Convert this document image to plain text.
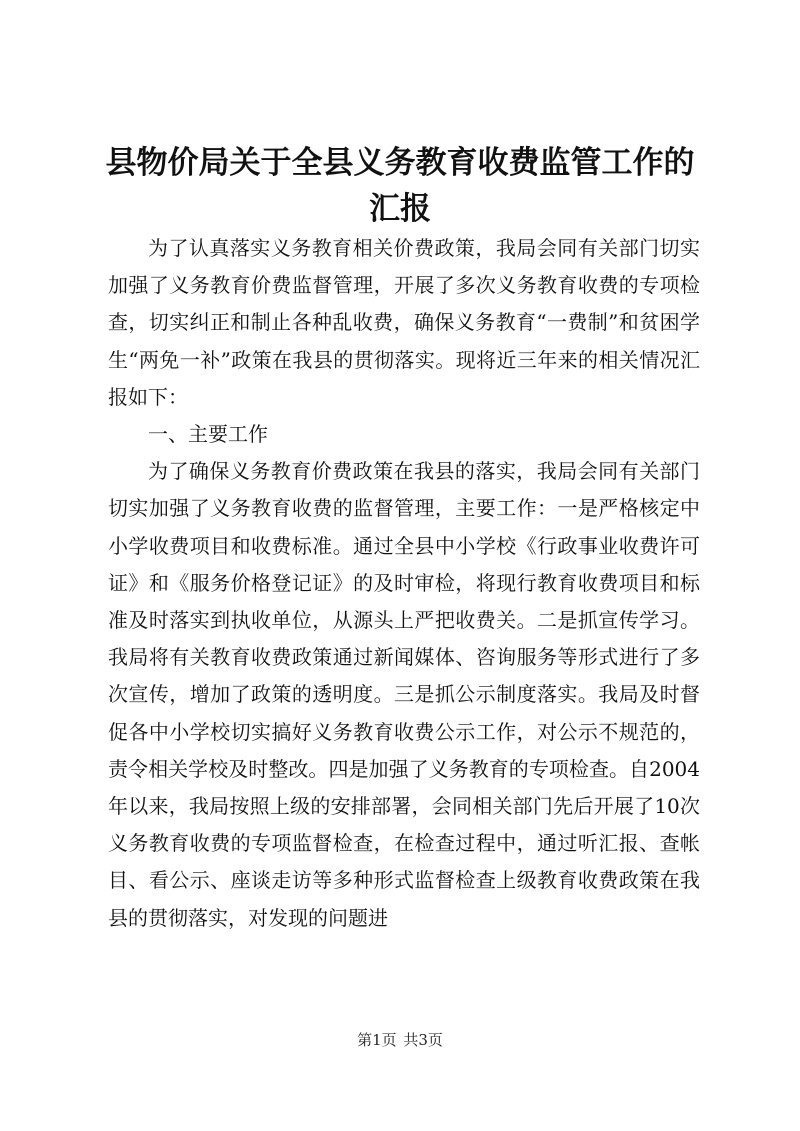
县物价局关于全县义务教育收费监管工作的汇报

为了认真落实义务教育相关价费政策，我局会同有关部门切实加强了义务教育价费监督管理，开展了多次义务教育收费的专项检查，切实纠正和制止各种乱收费，确保义务教育“一费制”和贫困学生“两免一补”政策在我县的贯彻落实。现将近三年来的相关情况汇报如下：

一、主要工作

为了确保义务教育价费政策在我县的落实，我局会同有关部门切实加强了义务教育收费的监督管理，主要工作：一是严格核定中小学收费项目和收费标准。通过全县中小学校《行政事业收费许可证》和《服务价格登记证》的及时审检，将现行教育收费项目和标准及时落实到执收单位，从源头上严把收费关。二是抓宣传学习。我局将有关教育收费政策通过新闻媒体、咨询服务等形式进行了多次宣传，增加了政策的透明度。三是抓公示制度落实。我局及时督促各中小学校切实搞好义务教育收费公示工作，对公示不规范的，责令相关学校及时整改。四是加强了义务教育的专项检查。自2004年以来，我局按照上级的安排部署，会同相关部门先后开展了10次义务教育收费的专项监督检查，在检查过程中，通过听汇报、查帐目、看公示、座谈走访等多种形式监督检查上级教育收费政策在我县的贯彻落实，对发现的问题进

第1页 共3页
